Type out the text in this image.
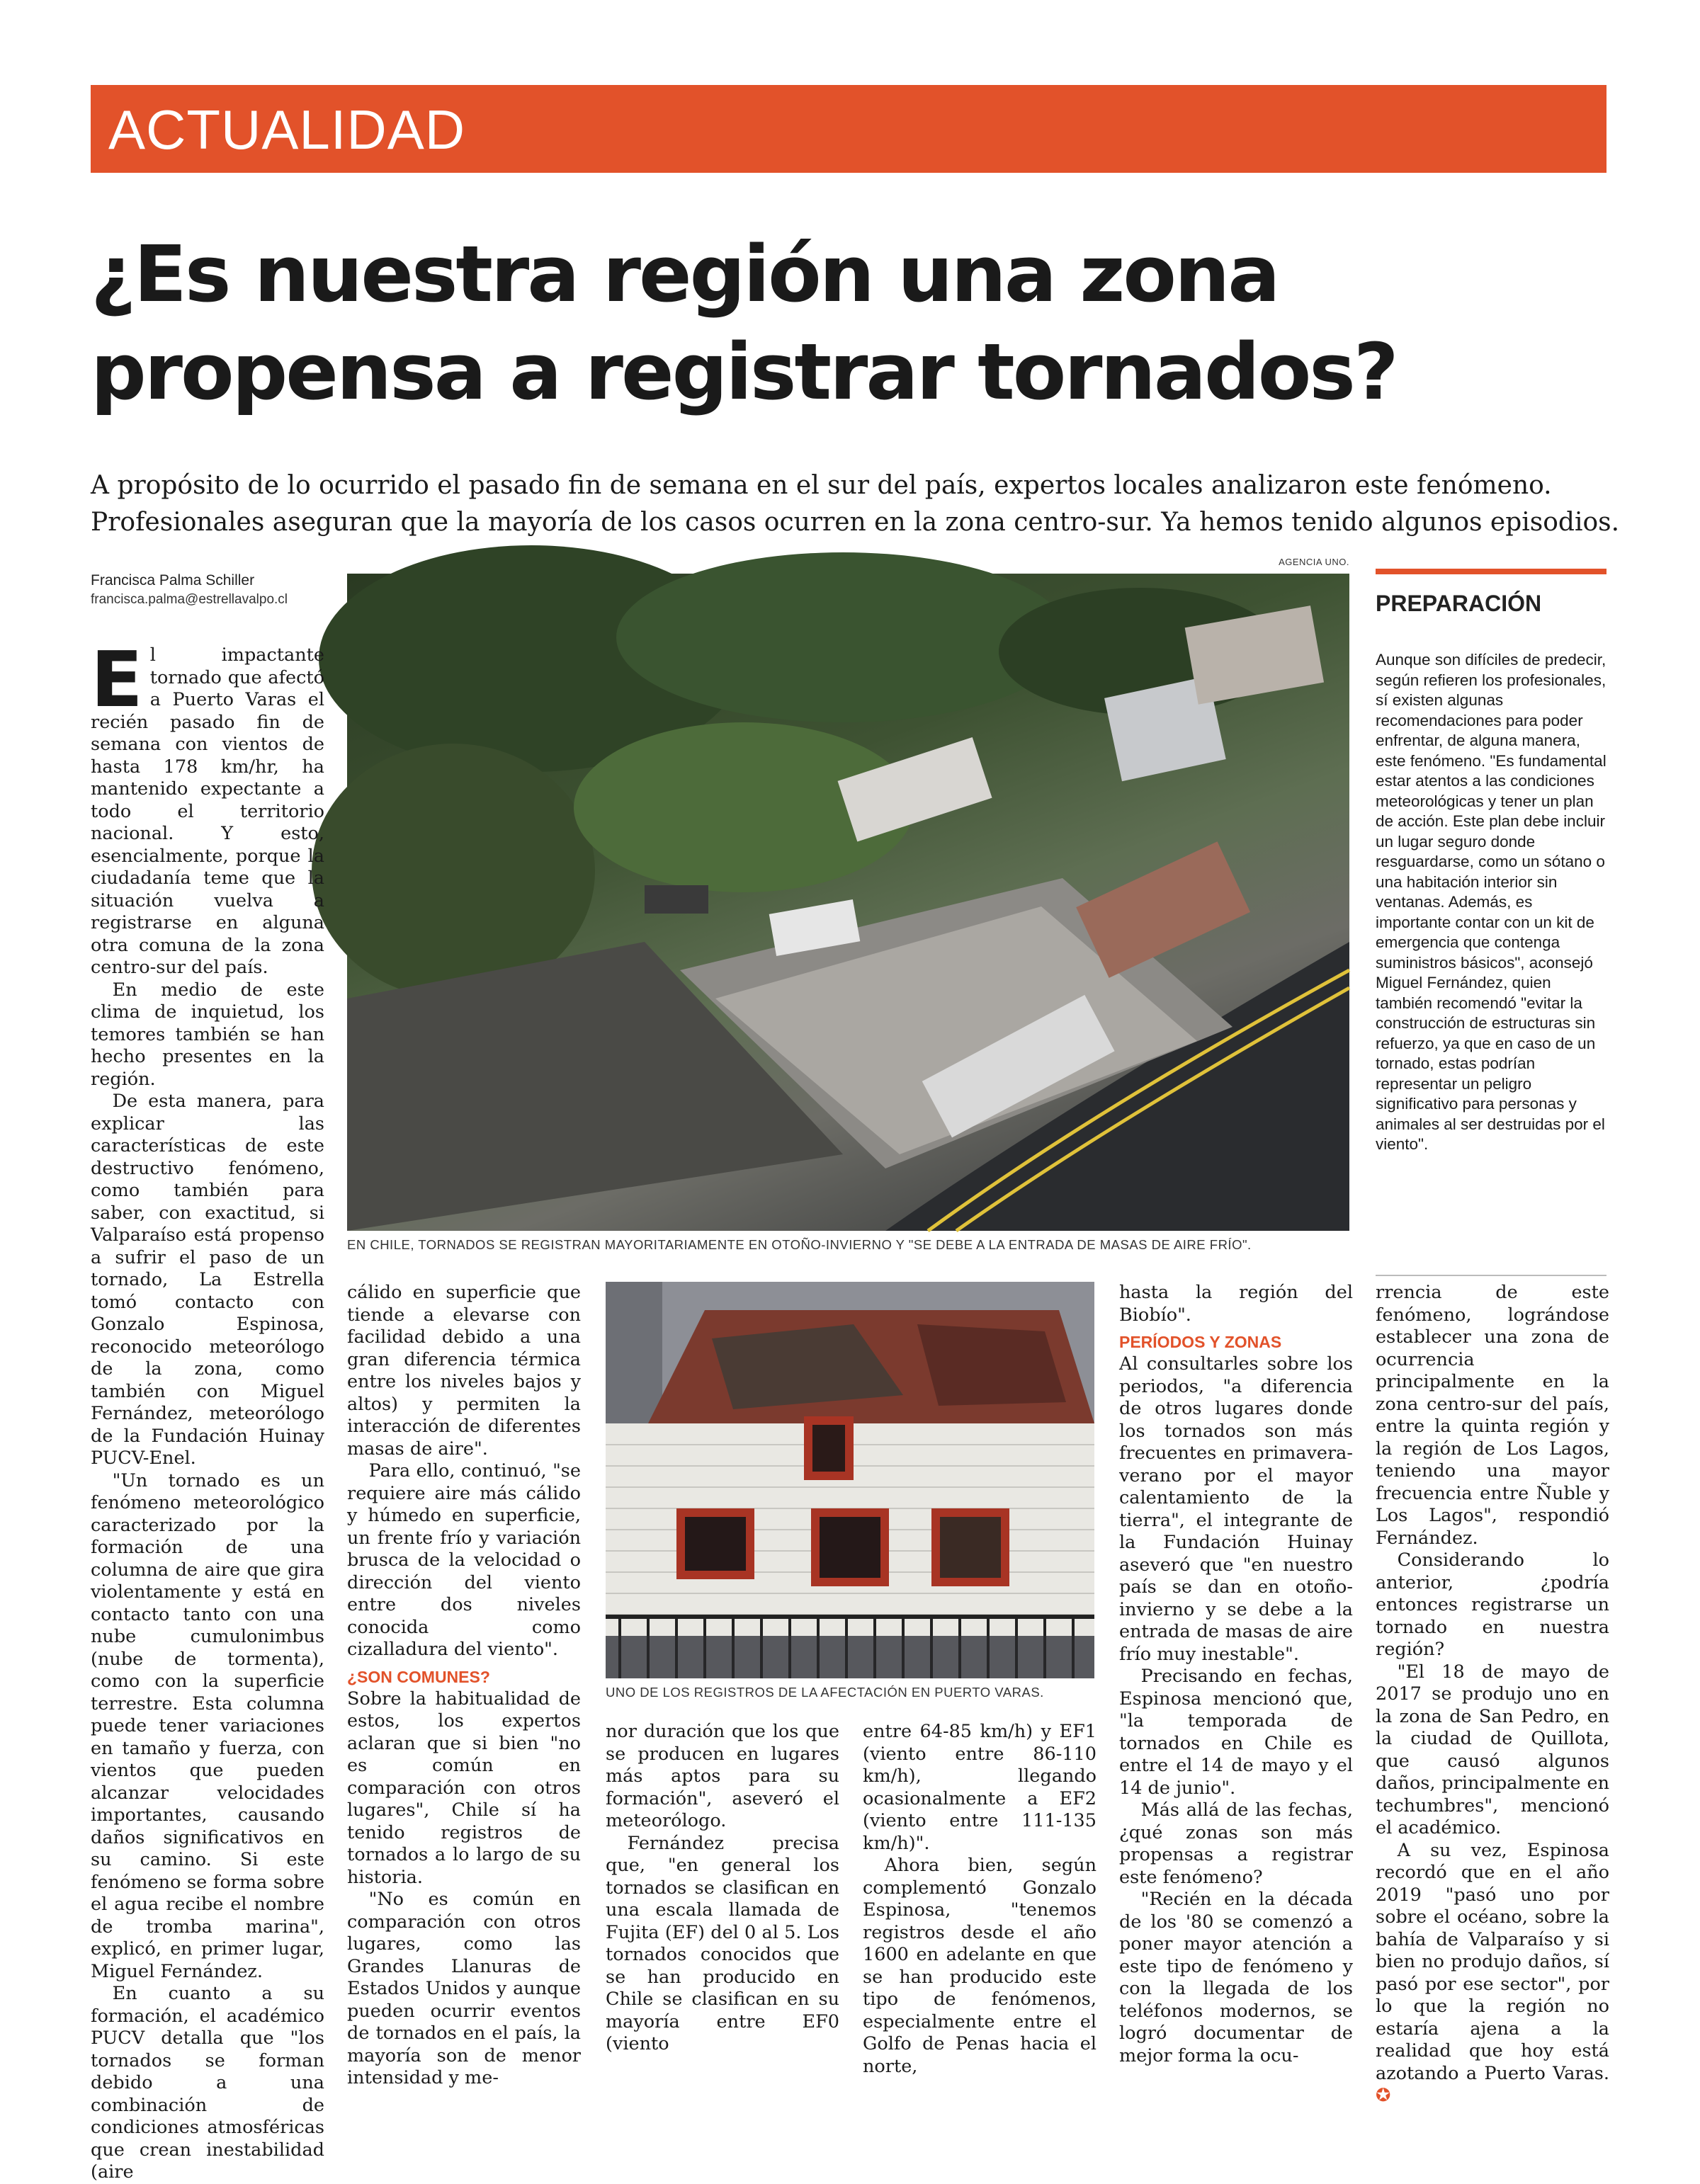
ACTUALIDAD
¿Es nuestra región una zona
propensa a registrar tornados?
A propósito de lo ocurrido el pasado fin de semana en el sur del país, expertos locales analizaron este fenómeno.
Profesionales aseguran que la mayoría de los casos ocurren en la zona centro-sur. Ya hemos tenido algunos episodios.
Francisca Palma Schiller
francisca.palma@estrellavalpo.cl
AGENCIA UNO.
EN CHILE, TORNADOS SE REGISTRAN MAYORITARIAMENTE EN OTOÑO-INVIERNO Y "SE DEBE A LA ENTRADA DE MASAS DE AIRE FRÍO".
UNO DE LOS REGISTROS DE LA AFECTACIÓN EN PUERTO VARAS.
PREPARACIÓN

Aunque son difíciles de predecir, según refieren los profesionales, sí existen algunas recomendaciones para poder enfrentar, de alguna manera, este fenómeno. "Es fundamental estar atentos a las condiciones meteorológicas y tener un plan de acción. Este plan debe incluir un lugar seguro donde resguardarse, como un sótano o una habitación interior sin ventanas. Además, es importante contar con un kit de emergencia que contenga suministros básicos", aconsejó Miguel Fernández, quien también recomendó "evitar la construcción de estructuras sin refuerzo, ya que en caso de un tornado, estas podrían representar un peligro significativo para personas y animales al ser destruidas por el viento".

El impactante tornado que afectó a Puerto Varas el recién pasado fin de semana con vientos de hasta 178 km/hr, ha mantenido expectante a todo el territorio nacional. Y esto, esencialmente, porque la ciudadanía teme que la situación vuelva a registrarse en alguna otra comuna de la zona centro-sur del país.

En medio de este clima de inquietud, los temores también se han hecho presentes en la región.

De esta manera, para explicar las características de este destructivo fenómeno, como también para saber, con exactitud, si Valparaíso está propenso a sufrir el paso de un tornado, La Estrella tomó contacto con Gonzalo Espinosa, reconocido meteorólogo de la zona, como también con Miguel Fernández, meteorólogo de la Fundación Huinay PUCV-Enel.

"Un tornado es un fenómeno meteorológico caracterizado por la formación de una columna de aire que gira violentamente y está en contacto tanto con una nube cumulonimbus (nube de tormenta), como con la superficie terrestre. Esta columna puede tener variaciones en tamaño y fuerza, con vientos que pueden alcanzar velocidades importantes, causando daños significativos en su camino. Si este fenómeno se forma sobre el agua recibe el nombre de tromba marina", explicó, en primer lugar, Miguel Fernández.

En cuanto a su formación, el académico PUCV detalla que "los tornados se forman debido a una combinación de condiciones atmosféricas que crean inestabilidad (aire

cálido en superficie que tiende a elevarse con facilidad debido a una gran diferencia térmica entre los niveles bajos y altos) y permiten la interacción de diferentes masas de aire".

Para ello, continuó, "se requiere aire más cálido y húmedo en superficie, un frente frío y variación brusca de la velocidad o dirección del viento entre dos niveles conocida como cizalladura del viento".

¿SON COMUNES?

Sobre la habitualidad de estos, los expertos aclaran que si bien "no es común en comparación con otros lugares", Chile sí ha tenido registros de tornados a lo largo de su historia.

"No es común en comparación con otros lugares, como las Grandes Llanuras de Estados Unidos y aunque pueden ocurrir eventos de tornados en el país, la mayoría son de menor intensidad y me-

nor duración que los que se producen en lugares más aptos para su formación", aseveró el meteorólogo.

Fernández precisa que, "en general los tornados se clasifican en una escala llamada de Fujita (EF) del 0 al 5. Los tornados conocidos que se han producido en Chile se clasifican en su mayoría entre EF0 (viento

entre 64-85 km/h) y EF1 (viento entre 86-110 km/h), llegando ocasionalmente a EF2 (viento entre 111-135 km/h)".

Ahora bien, según complementó Gonzalo Espinosa, "tenemos registros desde el año 1600 en adelante en que se han producido este tipo de fenómenos, especialmente entre el Golfo de Penas hacia el norte,

hasta la región del Biobío".

PERÍODOS Y ZONAS

Al consultarles sobre los periodos, "a diferencia de otros lugares donde los tornados son más frecuentes en primavera-verano por el mayor calentamiento de la tierra", el integrante de la Fundación Huinay aseveró que "en nuestro país se dan en otoño-invierno y se debe a la entrada de masas de aire frío muy inestable".

Precisando en fechas, Espinosa mencionó que, "la temporada de tornados en Chile es entre el 14 de mayo y el 14 de junio".

Más allá de las fechas, ¿qué zonas son más propensas a registrar este fenómeno?

"Recién en la década de los '80 se comenzó a poner mayor atención a este tipo de fenómeno y con la llegada de los teléfonos modernos, se logró documentar de mejor forma la ocu-

rrencia de este fenómeno, lográndose establecer una zona de ocurrencia principalmente en la zona centro-sur del país, entre la quinta región y la región de Los Lagos, teniendo una mayor frecuencia entre Ñuble y Los Lagos", respondió Fernández.

Considerando lo anterior, ¿podría entonces registrarse un tornado en nuestra región?

"El 18 de mayo de 2017 se produjo uno en la zona de San Pedro, en la ciudad de Quillota, que causó algunos daños, principalmente en techumbres", mencionó el académico.

A su vez, Espinosa recordó que en el año 2019 "pasó uno por sobre el océano, sobre la bahía de Valparaíso y si bien no produjo daños, sí pasó por ese sector", por lo que la región no estaría ajena a la realidad que hoy está azotando a Puerto Varas. ✪
